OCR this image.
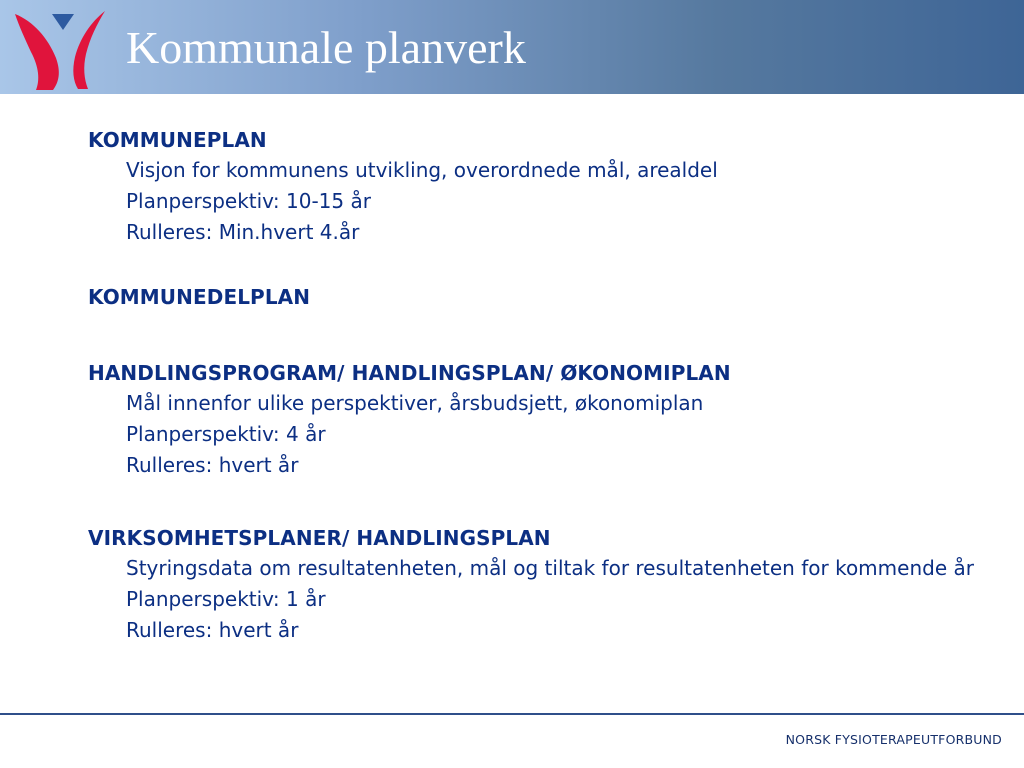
Kommunale planverk
KOMMUNEPLAN
Visjon for kommunens utvikling, overordnede mål, arealdel
Planperspektiv: 10-15 år
Rulleres: Min.hvert 4.år
KOMMUNEDELPLAN
HANDLINGSPROGRAM/ HANDLINGSPLAN/ ØKONOMIPLAN
Mål innenfor ulike perspektiver, årsbudsjett, økonomiplan
Planperspektiv: 4 år
Rulleres: hvert år
VIRKSOMHETSPLANER/ HANDLINGSPLAN
Styringsdata om resultatenheten, mål og tiltak for resultatenheten for kommende år
Planperspektiv: 1 år
Rulleres: hvert år
NORSK FYSIOTERAPEUTFORBUND
